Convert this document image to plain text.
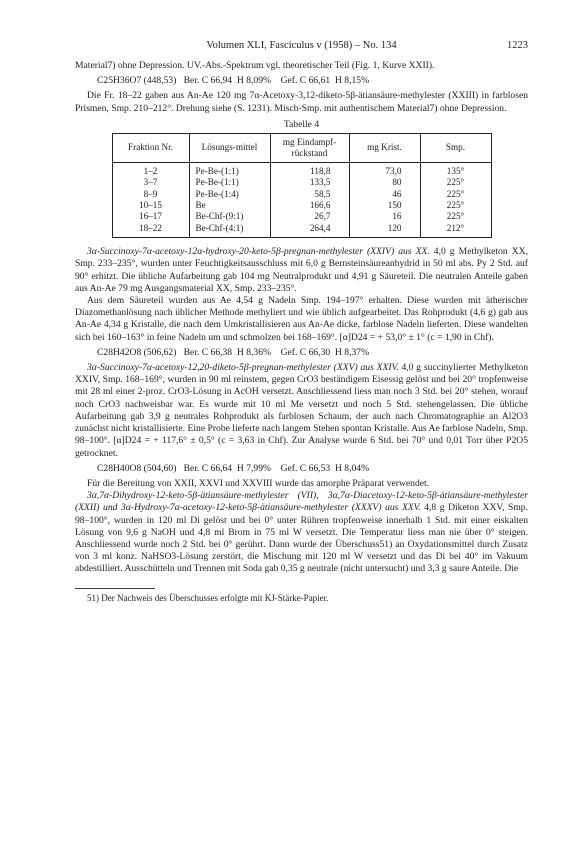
Volumen XLI, Fasciculus v (1958) – No. 134	1223

Material7) ohne Depression. UV.-Abs.-Spektrum vgl. theoretischer Teil (Fig. 1, Kurve XXII).

C25H36O7 (448,53)   Ber. C 66,94  H 8,09%    Gef. C 66,61  H 8,15%

Die Fr. 18–22 gaben aus An-Ae 120 mg 7α-Acetoxy-3,12-diketo-5β-ätiansäure-methylester (XXIII) in farblosen Prismen, Smp. 210–212°. Drehung siehe (S. 1231). Misch-Smp. mit authentischem Material7) ohne Depression.

Tabelle 4
Fraktion Nr.	Lösungs-mittel	mg Eindampf-rückstand	mg Krist.	Smp.
1–2	Pe-Be-(1:1)	118,8	73,0	135°
3–7	Pe-Be-(1:1)	133,5	80	225°
8–9	Pe-Be-(1:4)	58,5	46	225°
10–15	Be	166,6	150	225°
16–17	Be-Chf-(9:1)	26,7	16	225°
18–22	Be-Chf-(4:1)	264,4	120	212°

3α-Succinoxy-7α-acetoxy-12α-hydroxy-20-keto-5β-pregnan-methylester (XXIV) aus XX. 4,0 g Methylketon XX, Smp. 233–235°, wurden unter Feuchtigkeitsausschluss mit 6,0 g Bernsteinsäureanhydrid in 50 ml abs. Py 2 Std. auf 90° erhitzt. Die übliche Aufarbeitung gab 104 mg Neutralprodukt und 4,91 g Säureteil. Die neutralen Anteile gaben aus An-Ae 79 mg Ausgangsmaterial XX, Smp. 233–235°.

Aus dem Säureteil wurden aus Ae 4,54 g Nadeln Smp. 194–197° erhalten. Diese wurden mit ätherischer Diazomethanlösung nach üblicher Methode methyliert und wie üblich aufgearbeitet. Das Rohprodukt (4,6 g) gab aus An-Ae 4,34 g Kristalle, die nach dem Umkristallisieren aus An-Ae dicke, farblose Nadeln lieferten. Diese wandelten sich bei 160–163° in feine Nadeln um und schmolzen bei 168–169°. [α]D24 = + 53,0° ± 1° (c = 1,90 in Chf).

C28H42O8 (506,62)   Ber. C 66,38  H 8,36%    Gef. C 66,30  H 8,37%

3α-Succinoxy-7α-acetoxy-12,20-diketo-5β-pregnan-methylester (XXV) aus XXIV. 4,0 g succinylierter Methylketon XXIV, Smp. 168–169°, wurden in 90 ml reinstem, gegen CrO3 beständigem Eisessig gelöst und bei 20° tropfenweise mit 28 ml einer 2-proz. CrO3-Lösung in AcOH versetzt. Anschliessend liess man noch 3 Std. bei 20° stehen, worauf noch CrO3 nachweisbar war. Es wurde mit 10 ml Me versetzt und noch 5 Std. stehengelassen. Die übliche Aufarbeitung gab 3,9 g neutrales Rohprodukt als farblosen Schaum, der auch nach Chromatographie an Al2O3 zunächst nicht kristallisierte. Eine Probe lieferte nach langem Stehen spontan Kristalle. Aus Ae farblose Nadeln, Smp. 98–100°. [α]D24 = + 117,6° ± 0,5° (c = 3,63 in Chf). Zur Analyse wurde 6 Std. bei 70° und 0,01 Torr über P2O5 getrocknet.

C28H40O8 (504,60)   Ber. C 66,64  H 7,99%    Gef. C 66,53  H 8,04%

Für die Bereitung von XXII, XXVI und XXVIII wurde das amorphe Präparat verwendet.

3α,7α-Dihydroxy-12-keto-5β-ätiansäure-methylester (VII), 3α,7α-Diacetoxy-12-keto-5β-ätiansäure-methylester (XXII) und 3α-Hydroxy-7α-acetoxy-12-keto-5β-ätiansäure-methylester (XXXV) aus XXV. 4,8 g Diketon XXV, Smp. 98–100°, wurden in 120 ml Di gelöst und bei 0° unter Rühren tropfenweise innerhalb 1 Std. mit einer eiskalten Lösung von 9,6 g NaOH und 4,8 ml Brom in 75 ml W versetzt. Die Temperatur liess man nie über 0° steigen. Anschliessend wurde noch 2 Std. bei 0° gerührt. Dann wurde der Überschuss51) an Oxydationsmittel durch Zusatz von 3 ml konz. NaHSO3-Lösung zerstört, die Mischung mit 120 ml W versetzt und das Di bei 40° im Vakuum abdestilliert. Ausschütteln und Trennen mit Soda gab 0,35 g neutrale (nicht untersucht) und 3,3 g saure Anteile. Die

51) Der Nachweis des Überschusses erfolgte mit KJ-Stärke-Papier.
